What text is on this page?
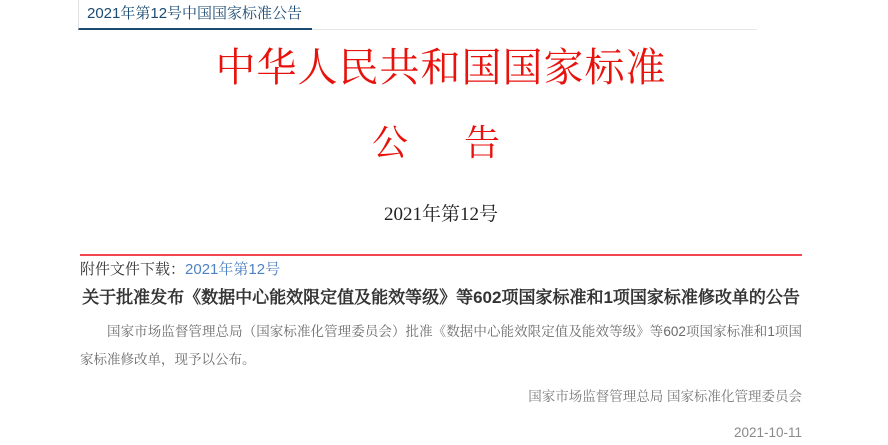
2021年第12号中国国家标准公告
中华人民共和国国家标准
公　告
2021年第12号
附件文件下载：2021年第12号
关于批准发布《数据中心能效限定值及能效等级》等602项国家标准和1项国家标准修改单的公告

国家市场监督管理总局（国家标准化管理委员会）批准《数据中心能效限定值及能效等级》等602项国家标准和1项国家标准修改单，现予以公布。

国家市场监督管理总局 国家标准化管理委员会
2021-10-11
